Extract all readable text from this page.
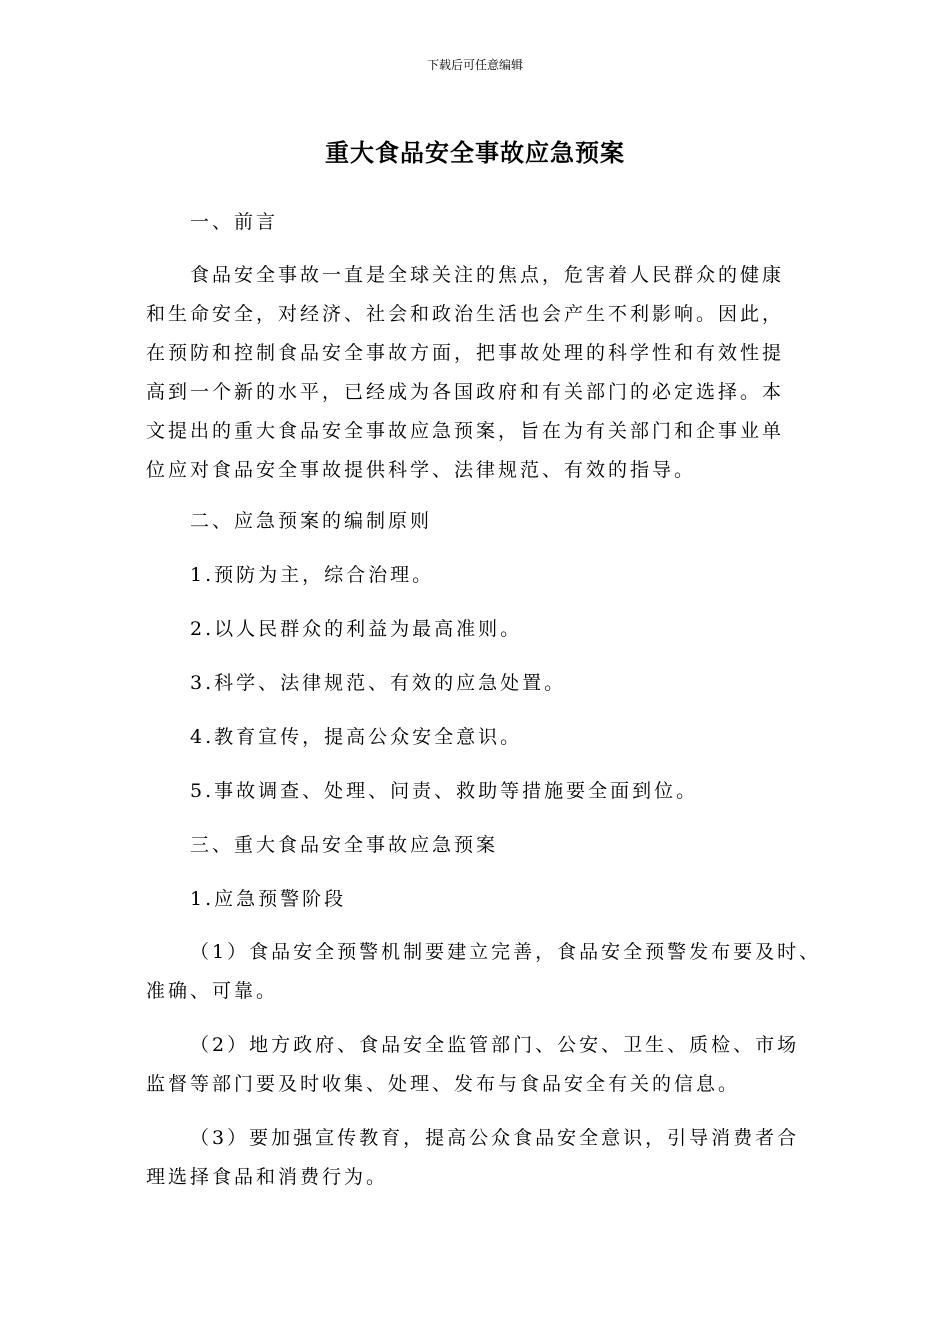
下载后可任意编辑
重大食品安全事故应急预案
一、前言
食品安全事故一直是全球关注的焦点，危害着人民群众的健康
和生命安全，对经济、社会和政治生活也会产生不利影响。因此，
在预防和控制食品安全事故方面，把事故处理的科学性和有效性提
高到一个新的水平，已经成为各国政府和有关部门的必定选择。本
文提出的重大食品安全事故应急预案，旨在为有关部门和企事业单
位应对食品安全事故提供科学、法律规范、有效的指导。
二、应急预案的编制原则
1.预防为主，综合治理。
2.以人民群众的利益为最高准则。
3.科学、法律规范、有效的应急处置。
4.教育宣传，提高公众安全意识。
5.事故调查、处理、问责、救助等措施要全面到位。
三、重大食品安全事故应急预案
1.应急预警阶段
（1）食品安全预警机制要建立完善，食品安全预警发布要及时、
准确、可靠。
（2）地方政府、食品安全监管部门、公安、卫生、质检、市场
监督等部门要及时收集、处理、发布与食品安全有关的信息。
（3）要加强宣传教育，提高公众食品安全意识，引导消费者合
理选择食品和消费行为。
